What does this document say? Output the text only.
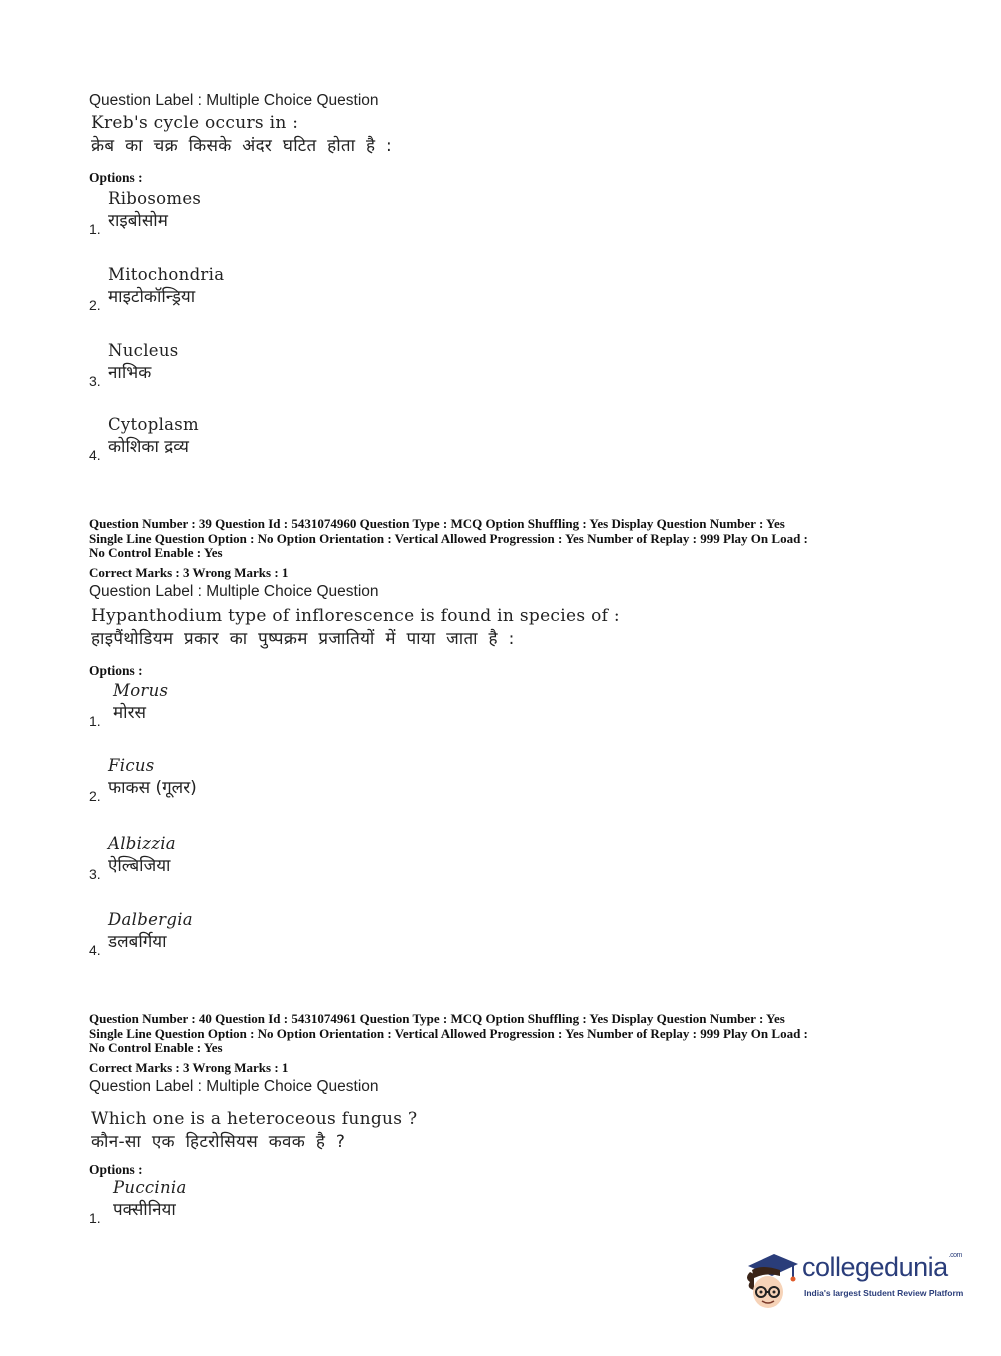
Question Label : Multiple Choice Question

Kreb's cycle occurs in :
क्रेब का चक्र किसके अंदर घटित होता है :

Options :

Ribosomes
1. राइबोसोम
Mitochondria
2. माइटोकॉन्ड्रिया
Nucleus
3. नाभिक
Cytoplasm
4. कोशिका द्रव्य

Question Number : 39 Question Id : 5431074960 Question Type : MCQ Option Shuffling : Yes Display Question Number : Yes
Single Line Question Option : No Option Orientation : Vertical Allowed Progression : Yes Number of Replay : 999 Play On Load :
No Control Enable : Yes

Correct Marks : 3 Wrong Marks : 1

Question Label : Multiple Choice Question

Hypanthodium type of inflorescence is found in species of :
हाइपैंथोडियम प्रकार का पुष्पक्रम प्रजातियों में पाया जाता है :

Options :

Morus
1. मोरस
Ficus
2. फाकस (गूलर)
Albizzia
3. ऐल्बिजिया
Dalbergia
4. डलबर्गिया

Question Number : 40 Question Id : 5431074961 Question Type : MCQ Option Shuffling : Yes Display Question Number : Yes
Single Line Question Option : No Option Orientation : Vertical Allowed Progression : Yes Number of Replay : 999 Play On Load :
No Control Enable : Yes

Correct Marks : 3 Wrong Marks : 1

Question Label : Multiple Choice Question

Which one is a heteroceous fungus ?
कौन-सा एक हिटरोसियस कवक है ?

Options :

Puccinia
1. पक्सीनिया
collegedunia$^{.com}$
India's largest Student Review Platform
